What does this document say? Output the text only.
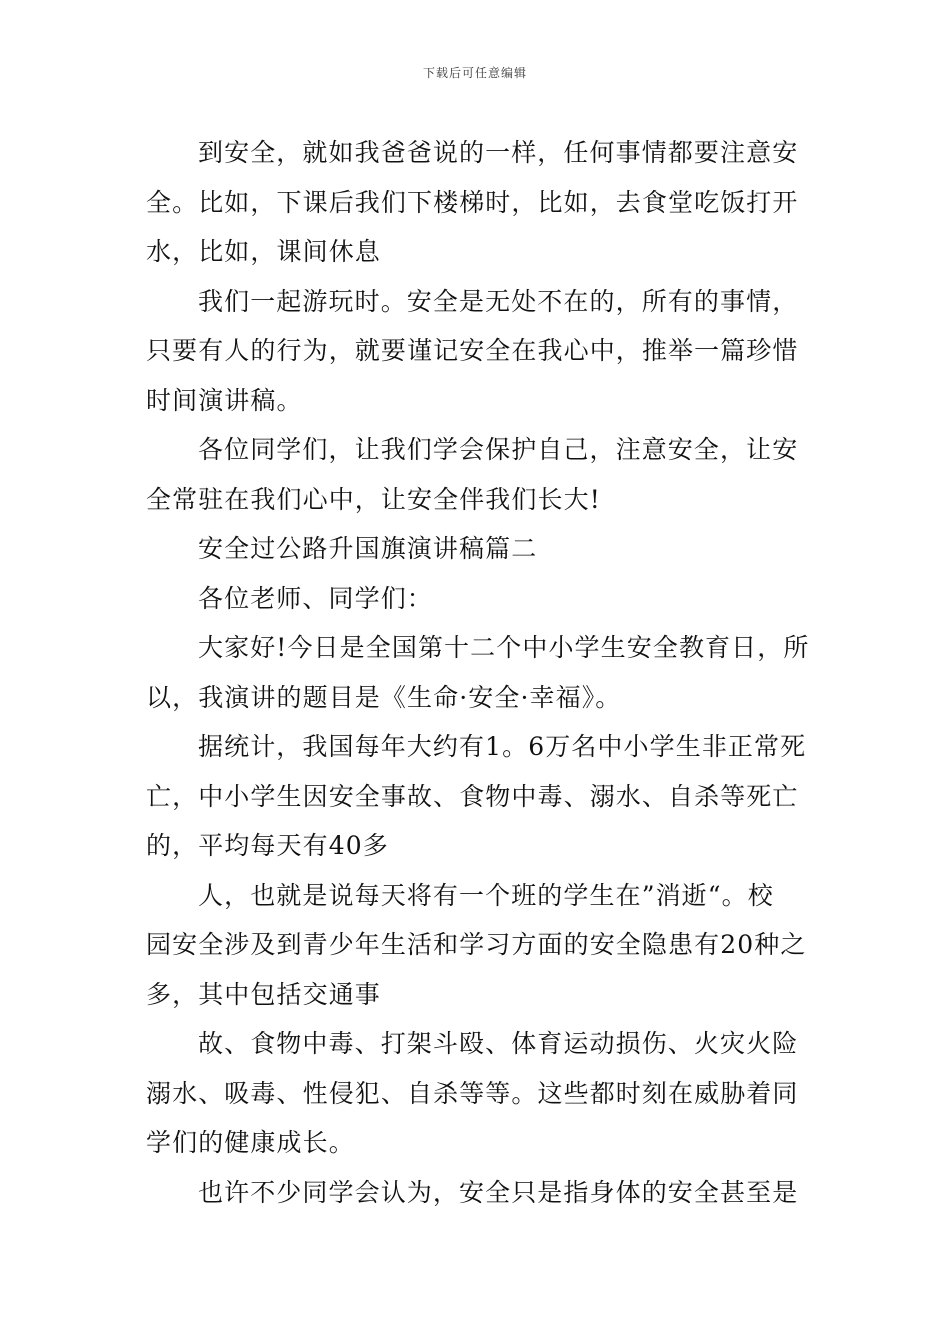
下载后可任意编辑
到安全，就如我爸爸说的一样，任何事情都要注意安
全。比如，下课后我们下楼梯时，比如，去食堂吃饭打开
水，比如，课间休息
我们一起游玩时。安全是无处不在的，所有的事情，
只要有人的行为，就要谨记安全在我心中，推举一篇珍惜
时间演讲稿。
各位同学们，让我们学会保护自己，注意安全，让安
全常驻在我们心中，让安全伴我们长大!
安全过公路升国旗演讲稿篇二
各位老师、同学们：
大家好!今日是全国第十二个中小学生安全教育日，所
以，我演讲的题目是《生命·安全·幸福》。
据统计，我国每年大约有1。6万名中小学生非正常死
亡，中小学生因安全事故、食物中毒、溺水、自杀等死亡
的，平均每天有40多
人，也就是说每天将有一个班的学生在”消逝“。校
园安全涉及到青少年生活和学习方面的安全隐患有20种之
多，其中包括交通事
故、食物中毒、打架斗殴、体育运动损伤、火灾火险
溺水、吸毒、性侵犯、自杀等等。这些都时刻在威胁着同
学们的健康成长。
也许不少同学会认为，安全只是指身体的安全甚至是
